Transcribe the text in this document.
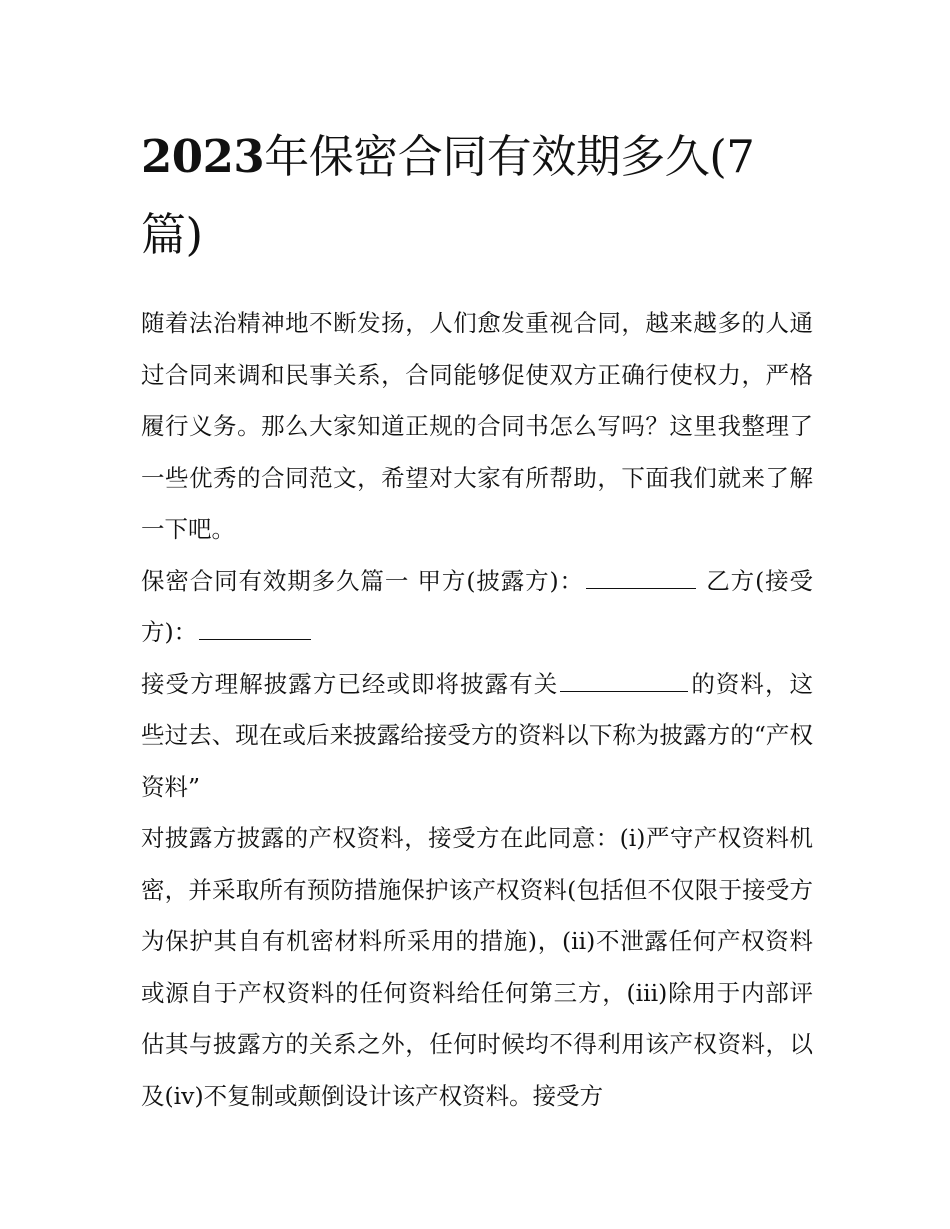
2023年保密合同有效期多久(7篇)

随着法治精神地不断发扬，人们愈发重视合同，越来越多的人通过合同来调和民事关系，合同能够促使双方正确行使权力，严格履行义务。那么大家知道正规的合同书怎么写吗？这里我整理了一些优秀的合同范文，希望对大家有所帮助，下面我们就来了解一下吧。

保密合同有效期多久篇一 甲方(披露方)：	乙方(接受方)：

接受方理解披露方已经或即将披露有关	的资料，这些过去、现在或后来披露给接受方的资料以下称为披露方的“产权资料”

对披露方披露的产权资料，接受方在此同意：(i)严守产权资料机密，并采取所有预防措施保护该产权资料(包括但不仅限于接受方为保护其自有机密材料所采用的措施)，(ii)不泄露任何产权资料或源自于产权资料的任何资料给任何第三方，(iii)除用于内部评估其与披露方的关系之外，任何时候均不得利用该产权资料，以及(iv)不复制或颠倒设计该产权资料。接受方
